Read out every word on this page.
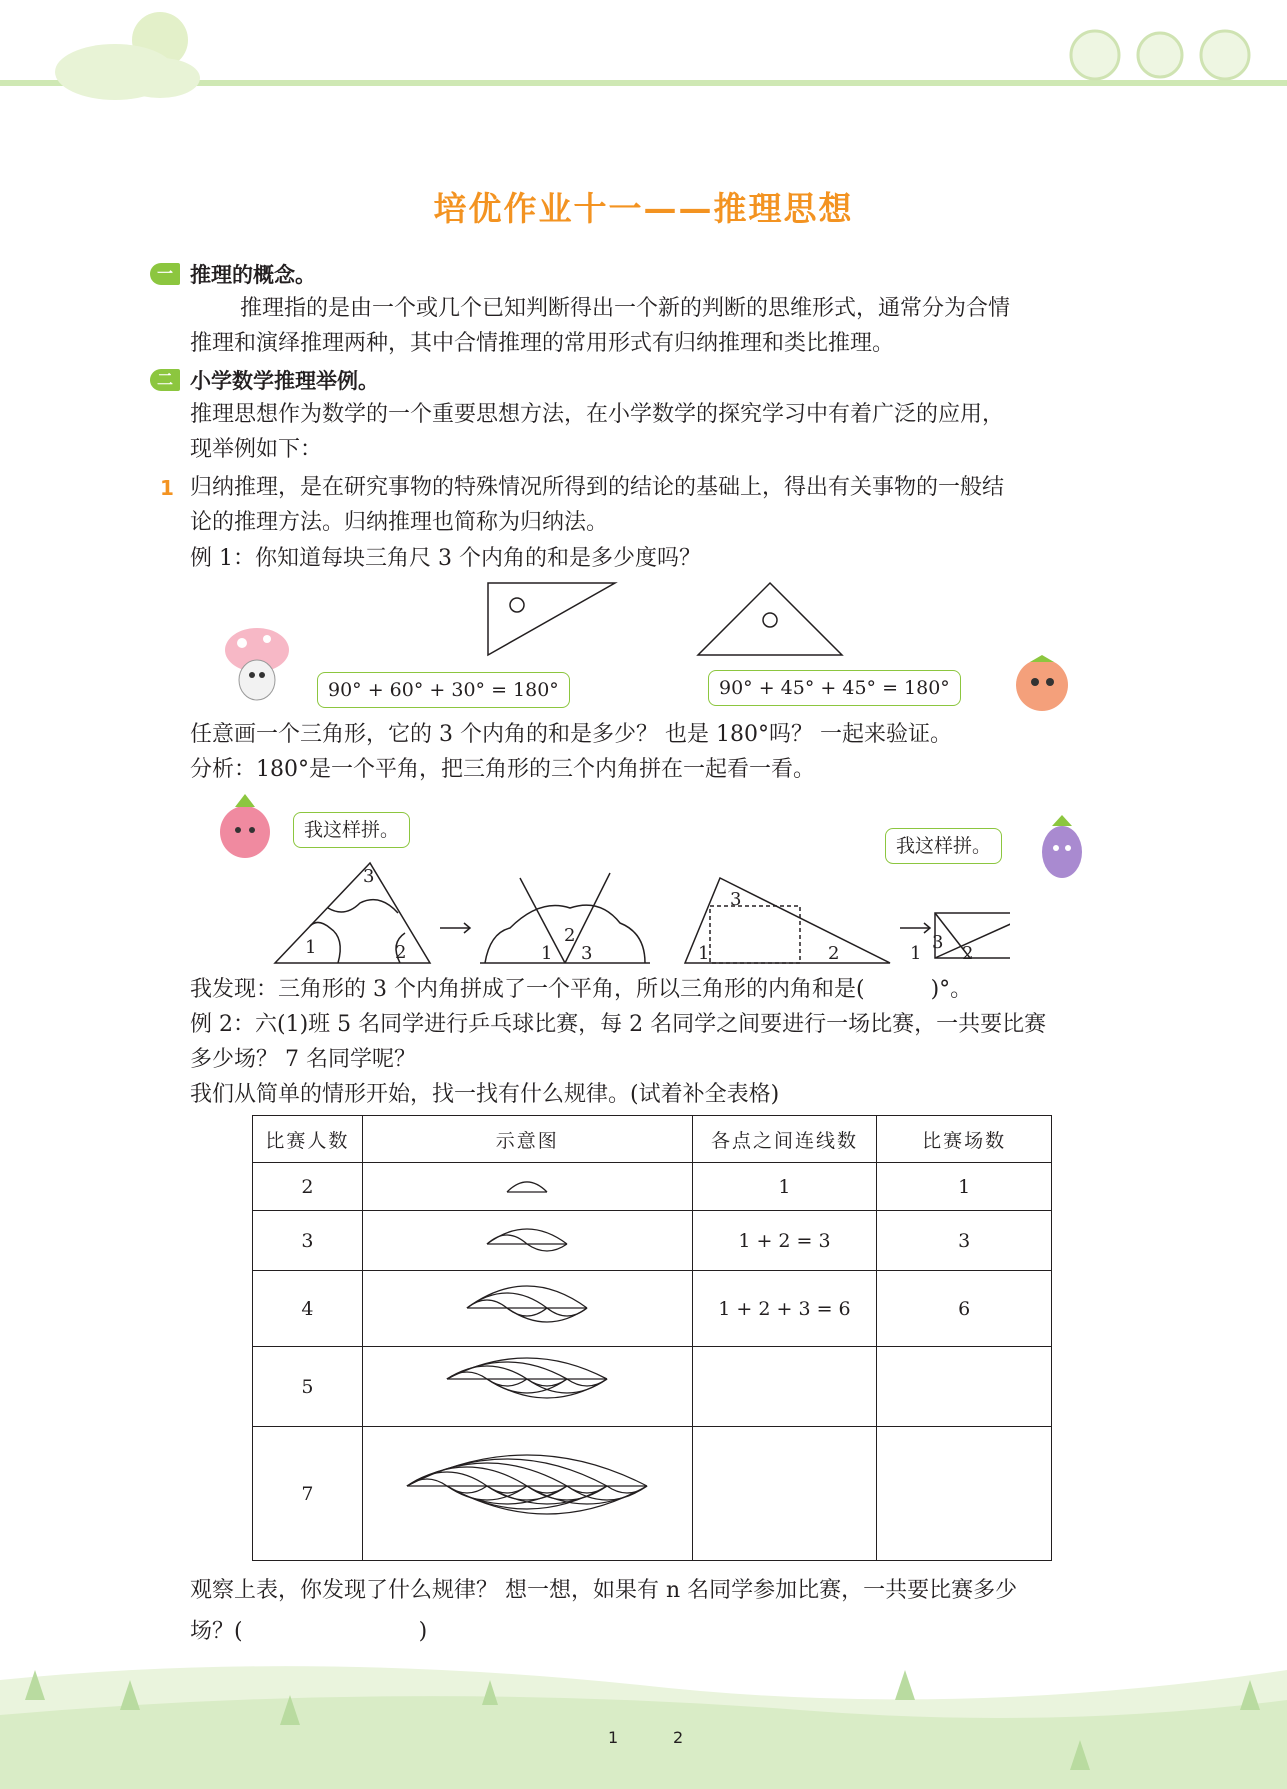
培优作业十一——推理思想
一 推理的概念。
推理指的是由一个或几个已知判断得出一个新的判断的思维形式，通常分为合情
推理和演绎推理两种，其中合情推理的常用形式有归纳推理和类比推理。
二 小学数学推理举例。
推理思想作为数学的一个重要思想方法，在小学数学的探究学习中有着广泛的应用，
现举例如下：
1 归纳推理，是在研究事物的特殊情况所得到的结论的基础上，得出有关事物的一般结
论的推理方法。归纳推理也简称为归纳法。
例 1：你知道每块三角尺 3 个内角的和是多少度吗？
90° + 60° + 30° = 180°	90° + 45° + 45° = 180°
任意画一个三角形，它的 3 个内角的和是多少？ 也是 180°吗？ 一起来验证。
分析：180°是一个平角，把三角形的三个内角拼在一起看一看。
我这样拼。
我这样拼。
3
1	2	1
2
3
3
1	2	1
3
2
我发现：三角形的 3 个内角拼成了一个平角，所以三角形的内角和是(　　　)°。
例 2：六(1)班 5 名同学进行乒乓球比赛，每 2 名同学之间要进行一场比赛，一共要比赛
多少场？ 7 名同学呢？
我们从简单的情形开始，找一找有什么规律。(试着补全表格)
比赛人数	示意图	各点之间连线数	比赛场数
2		1	1
3		1 + 2 = 3	3
4		1 + 2 + 3 = 6	6
5			
7			
观察上表，你发现了什么规律？ 想一想，如果有 n 名同学参加比赛，一共要比赛多少
场？(　　　　　　　　)
1	2
